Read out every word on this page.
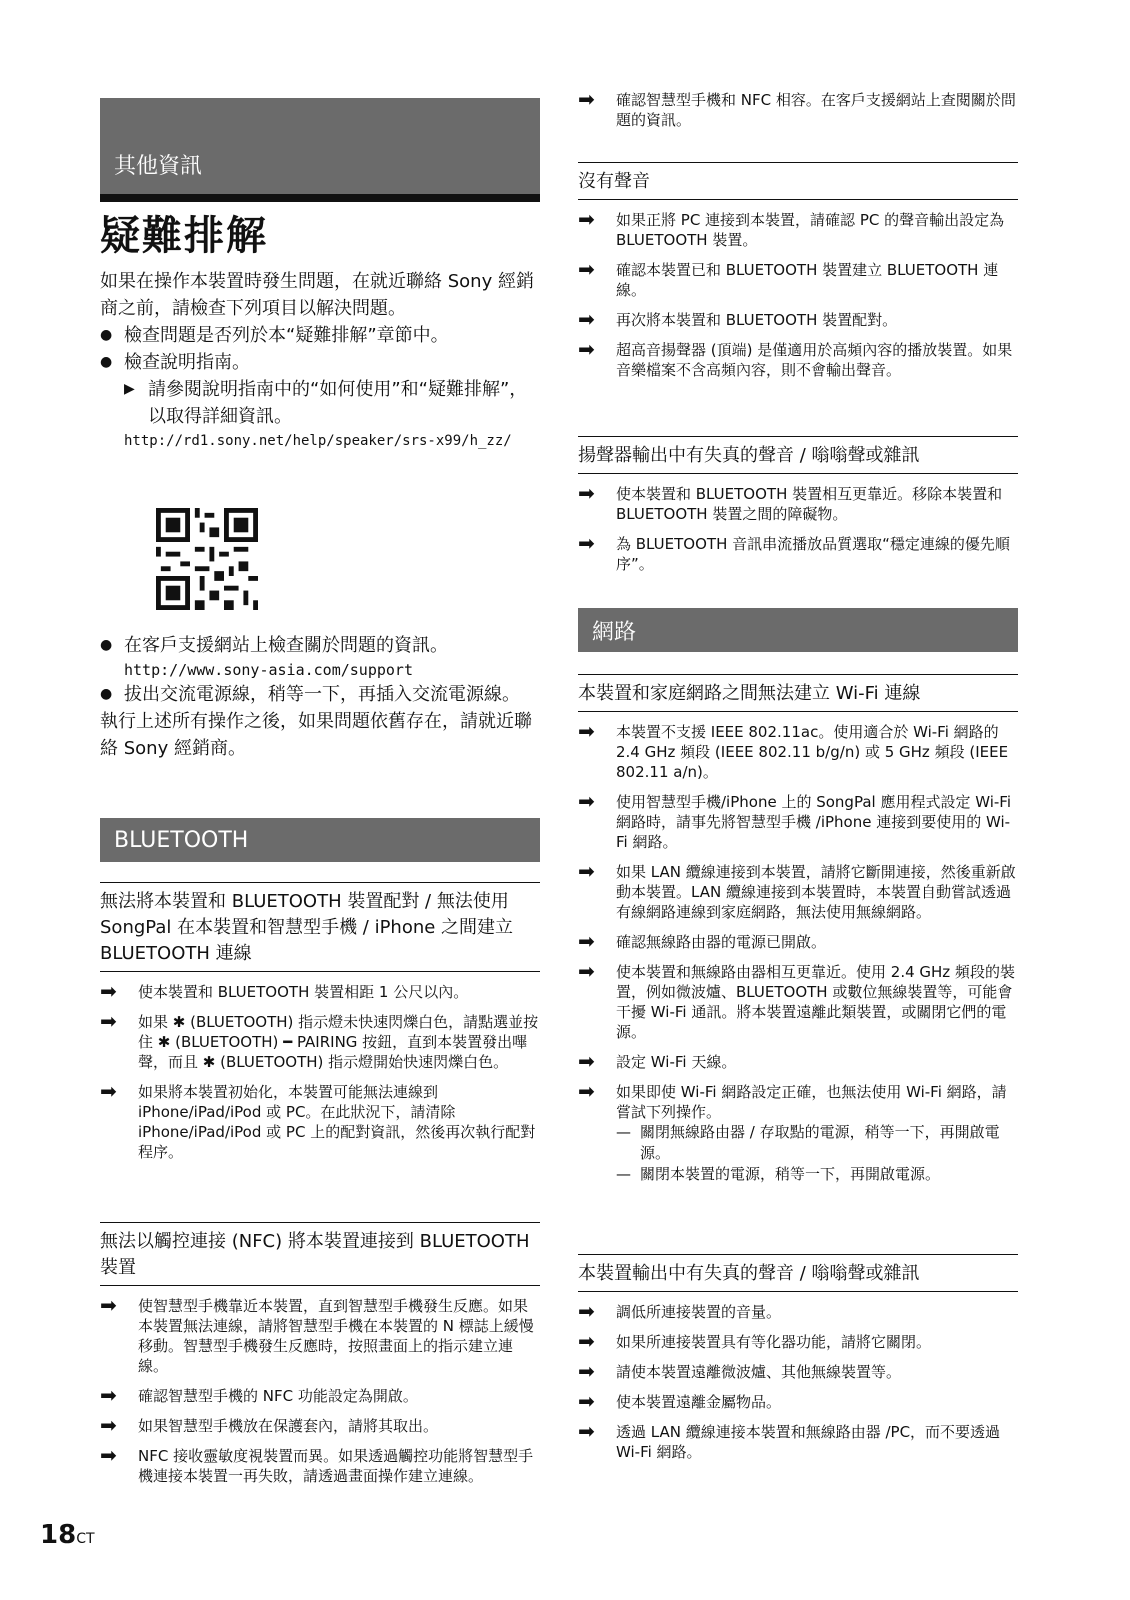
其他資訊
疑難排解

如果在操作本裝置時發生問題，在就近聯絡 Sony 經銷商之前，請檢查下列項目以解決問題。

● 檢查問題是否列於本“疑難排解”章節中。
● 檢查說明指南。
▶ 請參閱說明指南中的“如何使用”和“疑難排解”，以取得詳細資訊。
http://rd1.sony.net/help/speaker/srs-x99/h_zz/
● 在客戶支援網站上檢查關於問題的資訊。
http://www.sony-asia.com/support
● 拔出交流電源線，稍等一下，再插入交流電源線。
執行上述所有操作之後，如果問題依舊存在，請就近聯絡 Sony 經銷商。
BLUETOOTH
無法將本裝置和 BLUETOOTH 裝置配對 / 無法使用 SongPal 在本裝置和智慧型手機 / iPhone 之間建立 BLUETOOTH 連線
➡	使本裝置和 BLUETOOTH 裝置相距 1 公尺以內。
➡	如果 ✱ (BLUETOOTH) 指示燈未快速閃爍白色，請點選並按住 ✱ (BLUETOOTH) ━ PAIRING 按鈕，直到本裝置發出嗶聲，而且 ✱ (BLUETOOTH) 指示燈開始快速閃爍白色。
➡	如果將本裝置初始化，本裝置可能無法連線到 iPhone/iPad/iPod 或 PC。在此狀況下，請清除 iPhone/iPad/iPod 或 PC 上的配對資訊，然後再次執行配對程序。
無法以觸控連接 (NFC) 將本裝置連接到 BLUETOOTH 裝置
➡	使智慧型手機靠近本裝置，直到智慧型手機發生反應。如果本裝置無法連線，請將智慧型手機在本裝置的 N 標誌上緩慢移動。智慧型手機發生反應時，按照畫面上的指示建立連線。
➡	確認智慧型手機的 NFC 功能設定為開啟。
➡	如果智慧型手機放在保護套內，請將其取出。
➡	NFC 接收靈敏度視裝置而異。如果透過觸控功能將智慧型手機連接本裝置一再失敗，請透過畫面操作建立連線。
➡	確認智慧型手機和 NFC 相容。在客戶支援網站上查閱關於問題的資訊。
沒有聲音
➡	如果正將 PC 連接到本裝置，請確認 PC 的聲音輸出設定為 BLUETOOTH 裝置。
➡	確認本裝置已和 BLUETOOTH 裝置建立 BLUETOOTH 連線。
➡	再次將本裝置和 BLUETOOTH 裝置配對。
➡	超高音揚聲器 (頂端) 是僅適用於高頻內容的播放裝置。如果音樂檔案不含高頻內容，則不會輸出聲音。
揚聲器輸出中有失真的聲音 / 嗡嗡聲或雜訊
➡	使本裝置和 BLUETOOTH 裝置相互更靠近。移除本裝置和 BLUETOOTH 裝置之間的障礙物。
➡	為 BLUETOOTH 音訊串流播放品質選取“穩定連線的優先順序”。
網路
本裝置和家庭網路之間無法建立 Wi-Fi 連線
➡	本裝置不支援 IEEE 802.11ac。使用適合於 Wi-Fi 網路的 2.4 GHz 頻段 (IEEE 802.11 b/g/n) 或 5 GHz 頻段 (IEEE 802.11 a/n)。
➡	使用智慧型手機/iPhone 上的 SongPal 應用程式設定 Wi-Fi 網路時，請事先將智慧型手機 /iPhone 連接到要使用的 Wi-Fi 網路。
➡	如果 LAN 纜線連接到本裝置，請將它斷開連接，然後重新啟動本裝置。LAN 纜線連接到本裝置時，本裝置自動嘗試透過有線網路連線到家庭網路，無法使用無線網路。
➡	確認無線路由器的電源已開啟。
➡	使本裝置和無線路由器相互更靠近。使用 2.4 GHz 頻段的裝置，例如微波爐、BLUETOOTH 或數位無線裝置等，可能會干擾 Wi-Fi 通訊。將本裝置遠離此類裝置，或關閉它們的電源。
➡	設定 Wi-Fi 天線。
➡	如果即使 Wi-Fi 網路設定正確，也無法使用 Wi-Fi 網路，請嘗試下列操作。
— 關閉無線路由器 / 存取點的電源，稍等一下，再開啟電源。
— 關閉本裝置的電源，稍等一下，再開啟電源。
本裝置輸出中有失真的聲音 / 嗡嗡聲或雜訊
➡	調低所連接裝置的音量。
➡	如果所連接裝置具有等化器功能，請將它關閉。
➡	請使本裝置遠離微波爐、其他無線裝置等。
➡	使本裝置遠離金屬物品。
➡	透過 LAN 纜線連接本裝置和無線路由器 /PC，而不要透過 Wi-Fi 網路。
18CT
